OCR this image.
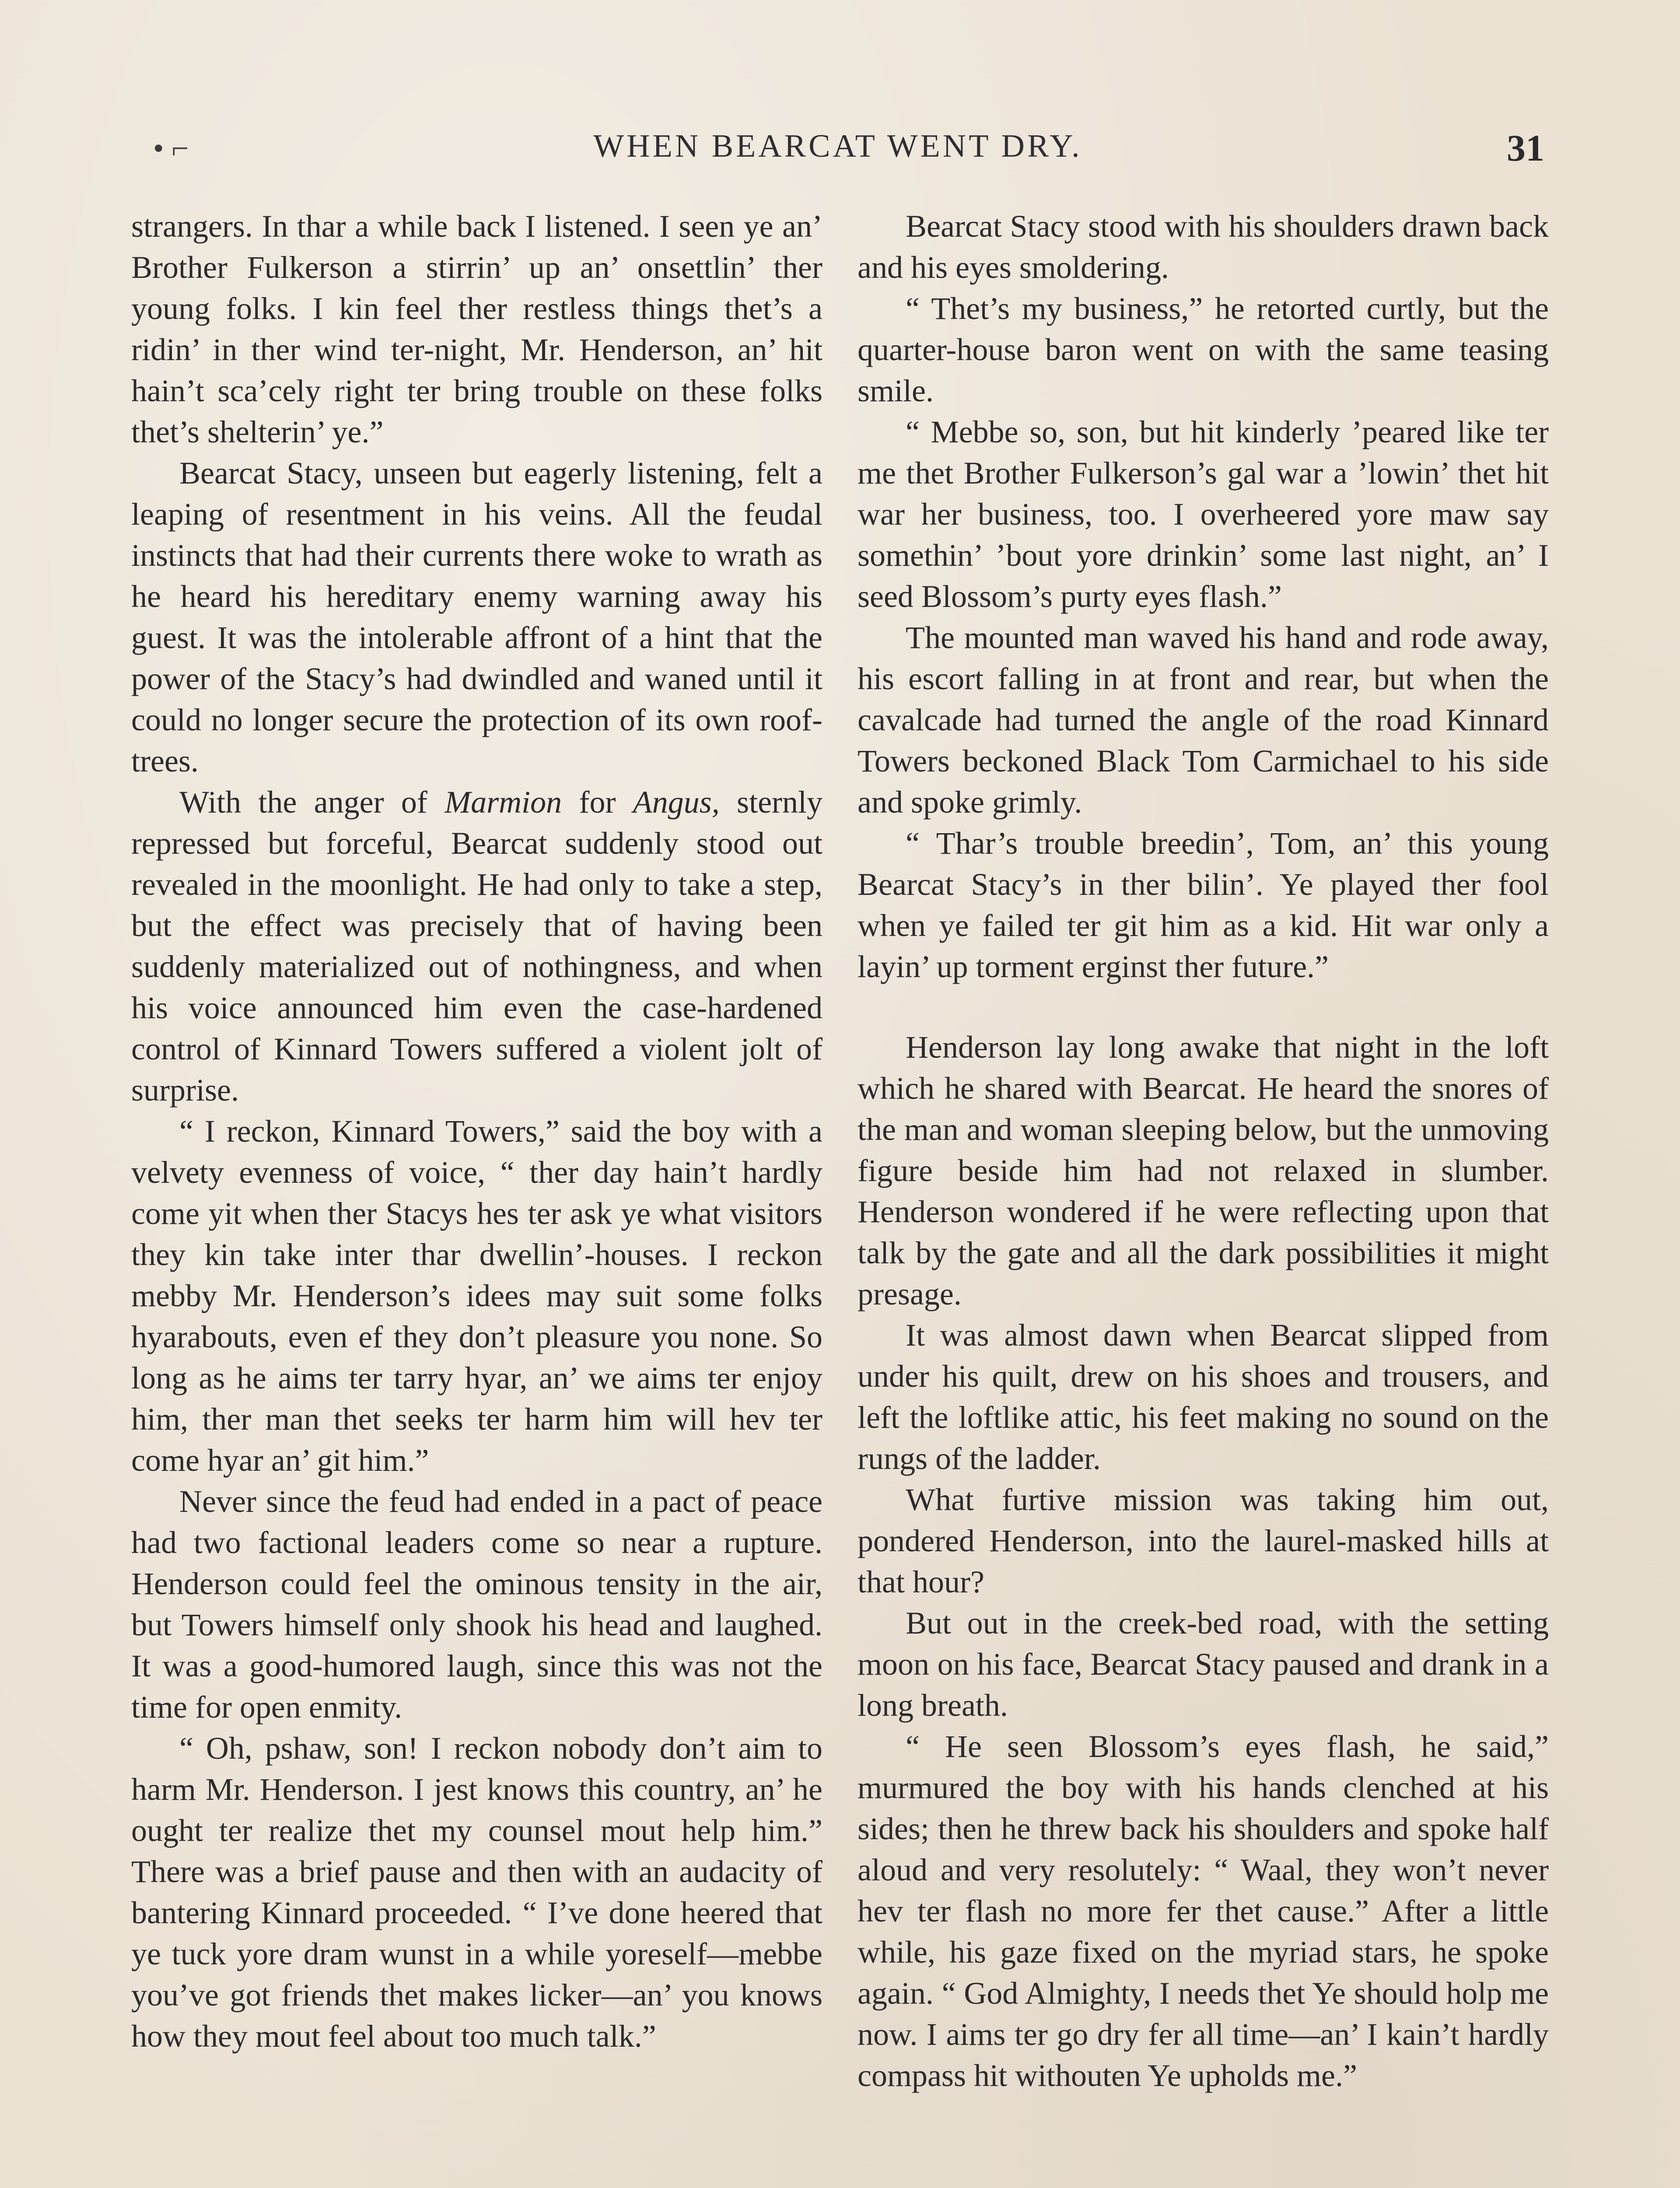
• ⌐	WHEN BEARCAT WENT DRY.	31

strangers. In thar a while back I listened. I seen ye an’ Brother Fulkerson a stirrin’ up an’ onsettlin’ ther young folks. I kin feel ther restless things thet’s a ridin’ in ther wind ter-night, Mr. Henderson, an’ hit hain’t sca’cely right ter bring trouble on these folks thet’s shelterin’ ye.”

Bearcat Stacy, unseen but eagerly listening, felt a leaping of resentment in his veins. All the feudal instincts that had their currents there woke to wrath as he heard his hereditary enemy warning away his guest. It was the intolerable affront of a hint that the power of the Stacy’s had dwindled and waned until it could no longer secure the protection of its own roof-trees.

With the anger of Marmion for Angus, sternly repressed but forceful, Bearcat suddenly stood out revealed in the moonlight. He had only to take a step, but the effect was precisely that of having been suddenly materialized out of nothingness, and when his voice announced him even the case-hardened control of Kinnard Towers suffered a violent jolt of surprise.

“ I reckon, Kinnard Towers,” said the boy with a velvety evenness of voice, “ ther day hain’t hardly come yit when ther Stacys hes ter ask ye what visitors they kin take inter thar dwellin’-houses. I reckon mebby Mr. Henderson’s idees may suit some folks hyarabouts, even ef they don’t pleasure you none. So long as he aims ter tarry hyar, an’ we aims ter enjoy him, ther man thet seeks ter harm him will hev ter come hyar an’ git him.”

Never since the feud had ended in a pact of peace had two factional leaders come so near a rupture. Henderson could feel the ominous tensity in the air, but Towers himself only shook his head and laughed. It was a good-humored laugh, since this was not the time for open enmity.

“ Oh, pshaw, son! I reckon nobody don’t aim to harm Mr. Henderson. I jest knows this country, an’ he ought ter realize thet my counsel mout help him.” There was a brief pause and then with an audacity of bantering Kinnard proceeded. “ I’ve done heered that ye tuck yore dram wunst in a while yoreself—mebbe you’ve got friends thet makes licker—an’ you knows how they mout feel about too much talk.”

Bearcat Stacy stood with his shoulders drawn back and his eyes smoldering.

“ Thet’s my business,” he retorted curtly, but the quarter-house baron went on with the same teasing smile.

“ Mebbe so, son, but hit kinderly ’peared like ter me thet Brother Fulkerson’s gal war a ’lowin’ thet hit war her business, too. I overheered yore maw say somethin’ ’bout yore drinkin’ some last night, an’ I seed Blossom’s purty eyes flash.”

The mounted man waved his hand and rode away, his escort falling in at front and rear, but when the cavalcade had turned the angle of the road Kinnard Towers beckoned Black Tom Carmichael to his side and spoke grimly.

“ Thar’s trouble breedin’, Tom, an’ this young Bearcat Stacy’s in ther bilin’. Ye played ther fool when ye failed ter git him as a kid. Hit war only a layin’ up torment erginst ther future.”

Henderson lay long awake that night in the loft which he shared with Bearcat. He heard the snores of the man and woman sleeping below, but the unmoving figure beside him had not relaxed in slumber. Henderson wondered if he were reflecting upon that talk by the gate and all the dark possibilities it might presage.

It was almost dawn when Bearcat slipped from under his quilt, drew on his shoes and trousers, and left the loftlike attic, his feet making no sound on the rungs of the ladder.

What furtive mission was taking him out, pondered Henderson, into the laurel-masked hills at that hour?

But out in the creek-bed road, with the setting moon on his face, Bearcat Stacy paused and drank in a long breath.

“ He seen Blossom’s eyes flash, he said,” murmured the boy with his hands clenched at his sides; then he threw back his shoulders and spoke half aloud and very resolutely: “ Waal, they won’t never hev ter flash no more fer thet cause.” After a little while, his gaze fixed on the myriad stars, he spoke again. “ God Almighty, I needs thet Ye should holp me now. I aims ter go dry fer all time—an’ I kain’t hardly compass hit withouten Ye upholds me.”
